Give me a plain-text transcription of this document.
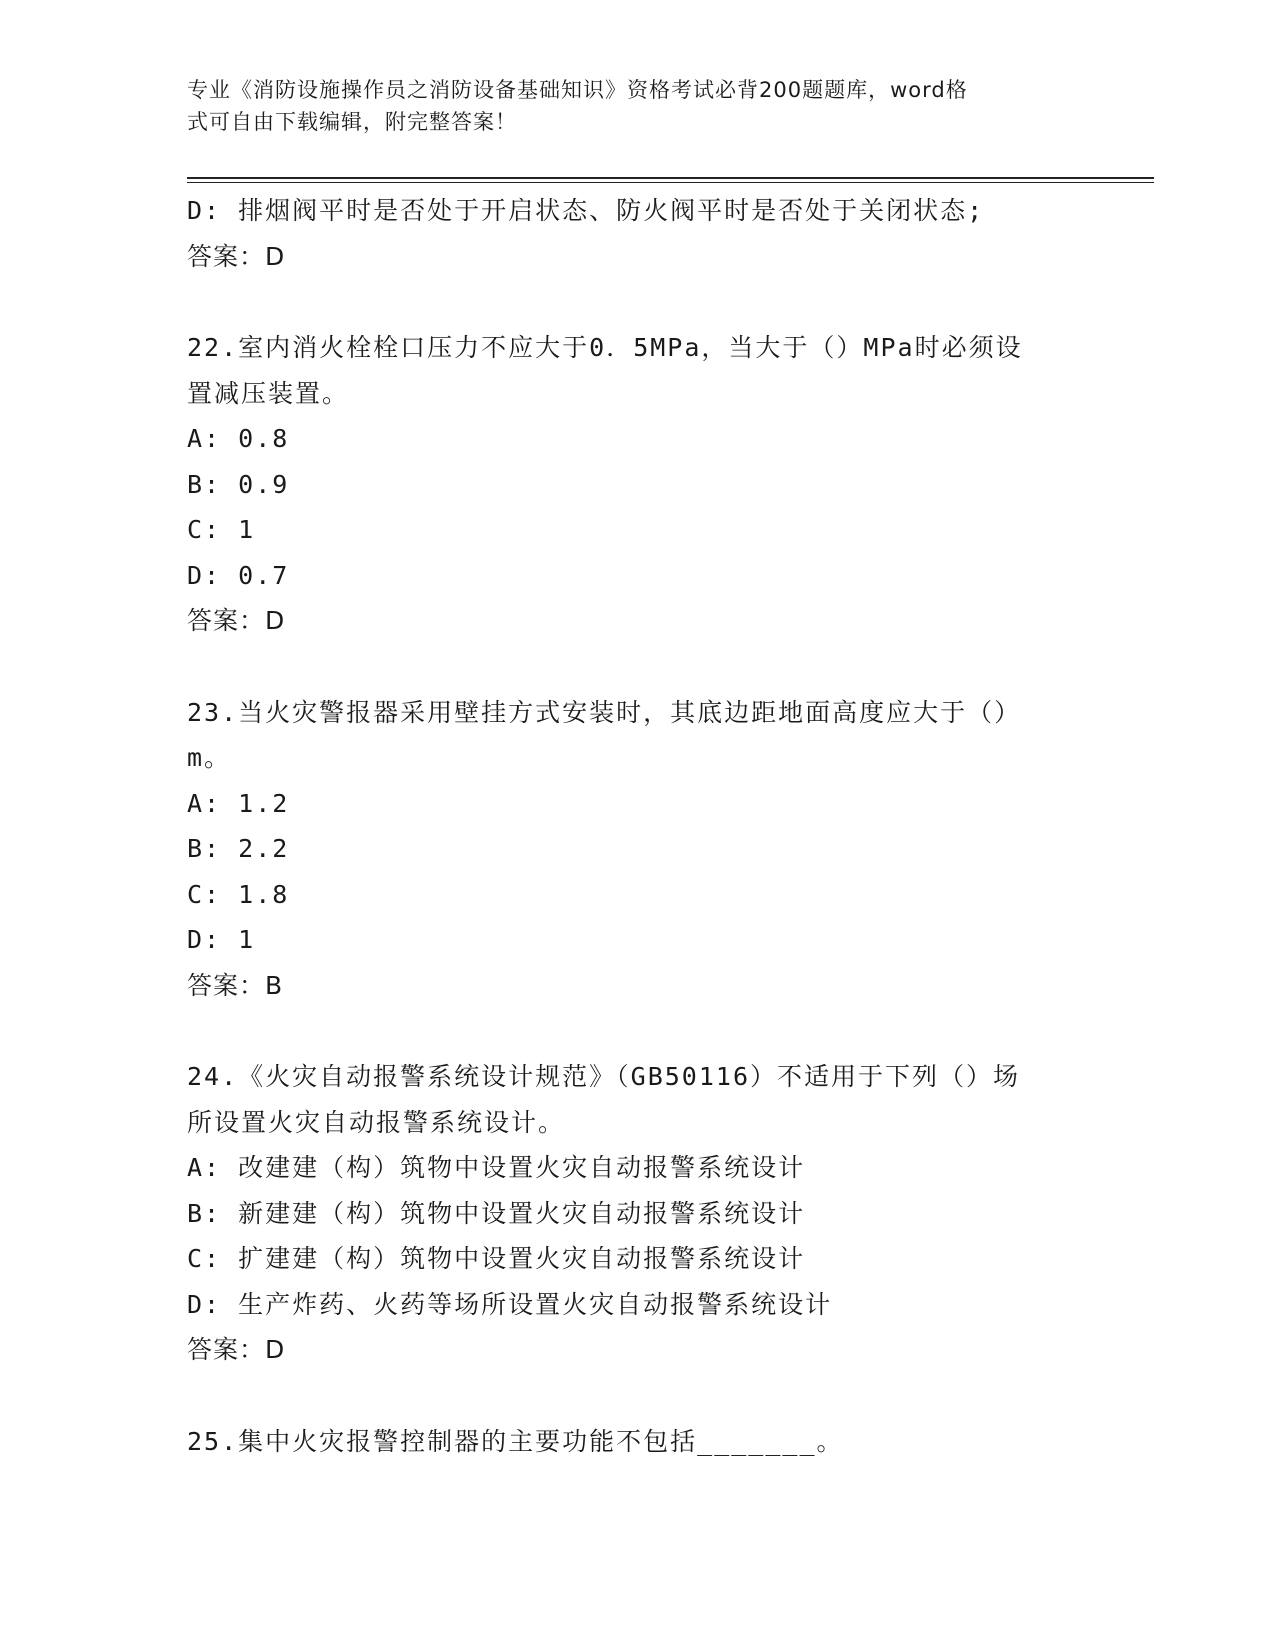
专业《消防设施操作员之消防设备基础知识》资格考试必背200题题库，word格
式可自由下载编辑，附完整答案！
D: 排烟阀平时是否处于开启状态、防火阀平时是否处于关闭状态;
答案：D
22.室内消火栓栓口压力不应大于0．5MPa，当大于（）MPa时必须设
置减压装置。
A: 0.8
B: 0.9
C: 1
D: 0.7
答案：D
23.当火灾警报器采用壁挂方式安装时，其底边距地面高度应大于（）
m。
A: 1.2
B: 2.2
C: 1.8
D: 1
答案：B
24.《火灾自动报警系统设计规范》（GB50116）不适用于下列（）场
所设置火灾自动报警系统设计。
A: 改建建（构）筑物中设置火灾自动报警系统设计
B: 新建建（构）筑物中设置火灾自动报警系统设计
C: 扩建建（构）筑物中设置火灾自动报警系统设计
D: 生产炸药、火药等场所设置火灾自动报警系统设计
答案：D
25.集中火灾报警控制器的主要功能不包括_______。
